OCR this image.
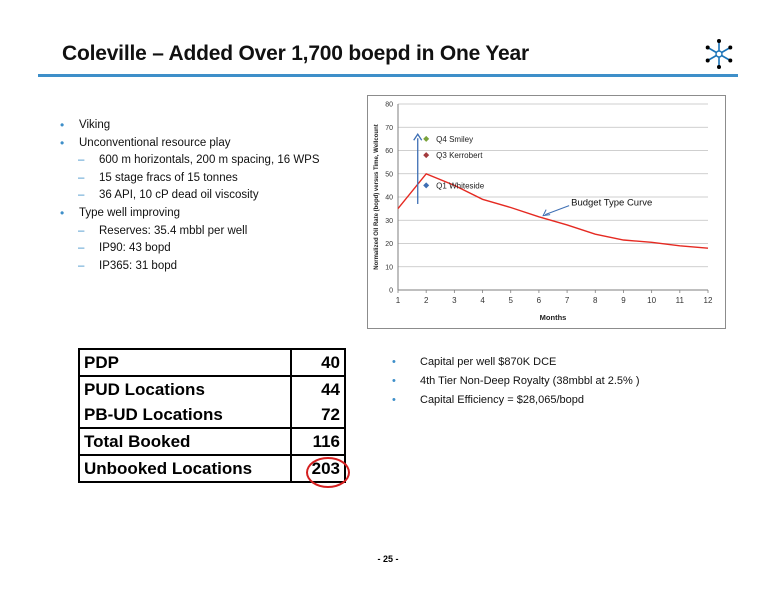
Coleville – Added Over 1,700 boepd in One Year
• Viking
• Unconventional resource play
– 600 m horizontals, 200 m spacing, 16 WPS
– 15 stage fracs of 15 tonnes
– 36 API, 10 cP dead oil viscosity
• Type well improving
– Reserves: 35.4 mbbl per well
– IP90: 43 bopd
– IP365: 31 bopd
0
10
20
30
40
50
60
70
80
1	2	3	4	5	6	7	8	9	10 11 12
Months
Normalized Oil Rate (bopd) versus Time, Wellcount	Q4 Smiley
Q3 Kerrobert
Q1 Whiteside
Budget Type Curve
PDP	40
PUD Locations	44
PB-UD Locations	72
Total Booked	116
Unbooked Locations	203
• Capital per well $870K DCE
• 4th Tier Non-Deep Royalty (38mbbl at 2.5% )
• Capital Efficiency = $28,065/bopd
- 25 -
